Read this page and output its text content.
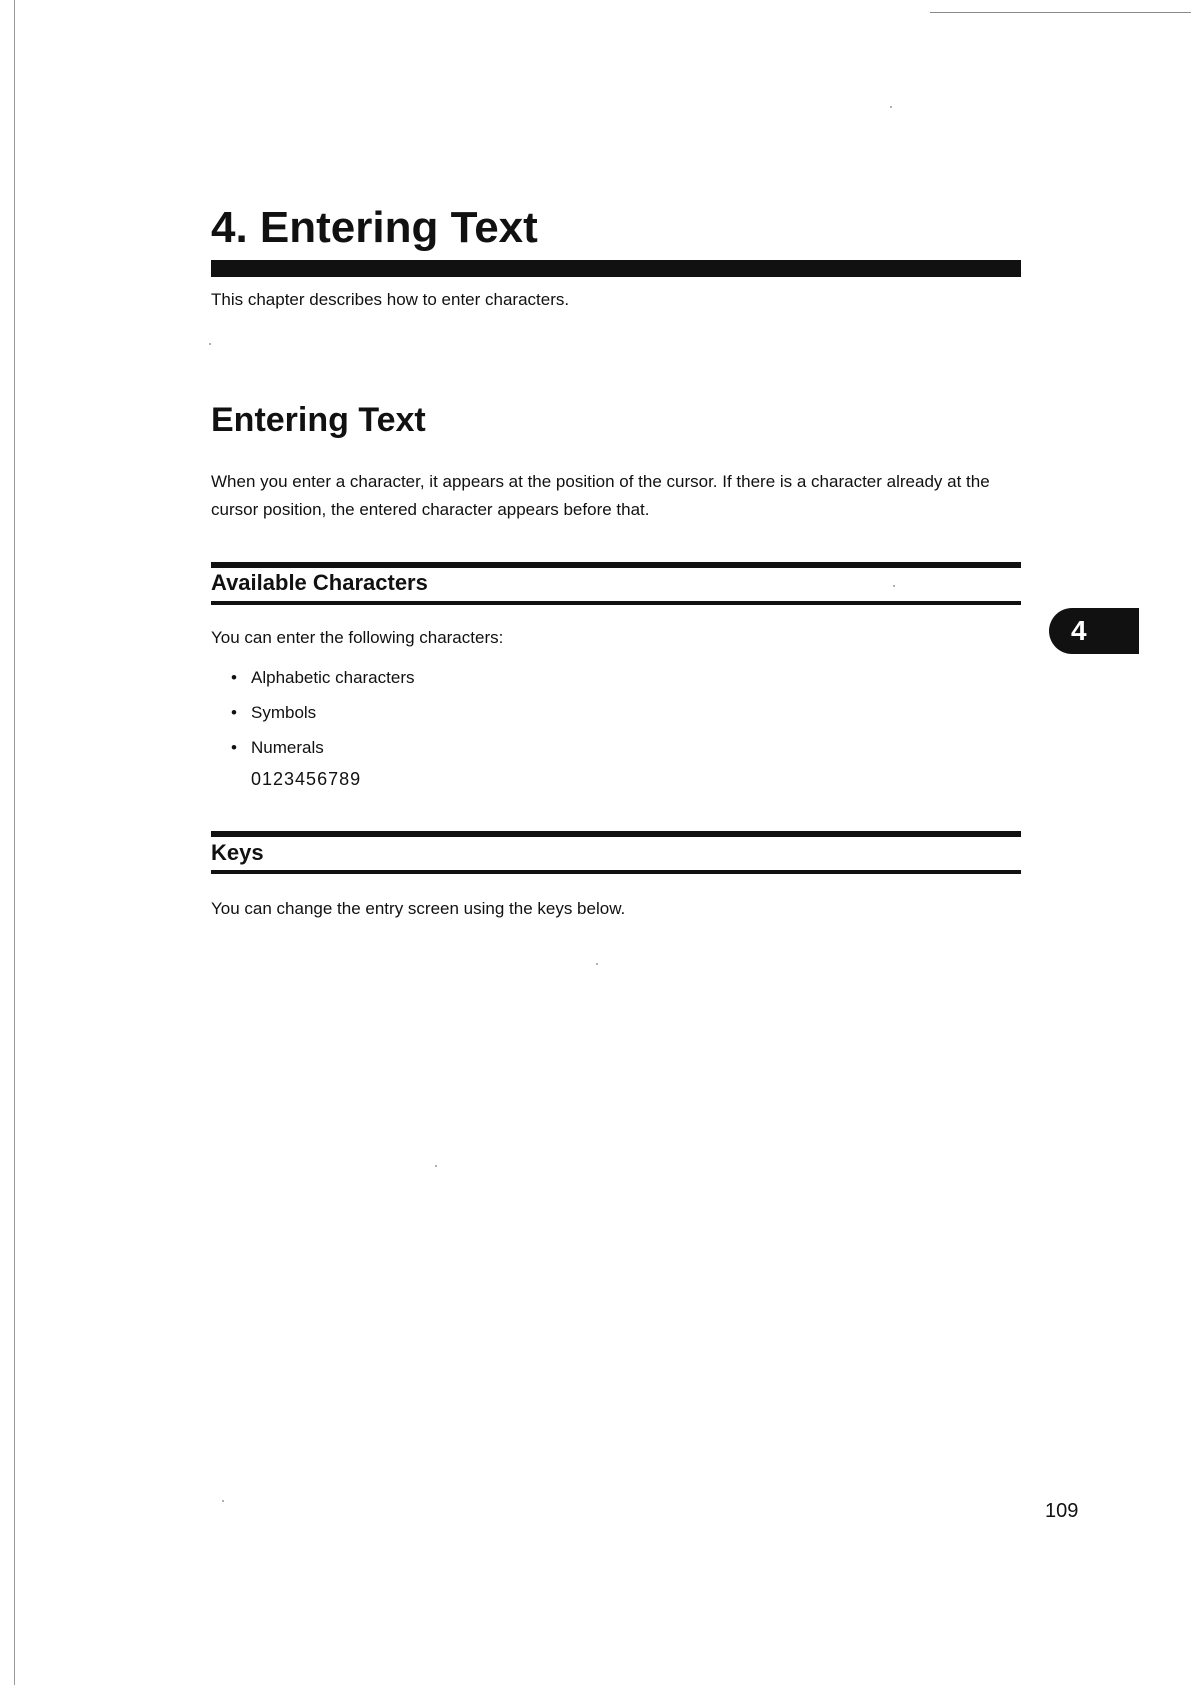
4. Entering Text

This chapter describes how to enter characters.

Entering Text

When you enter a character, it appears at the position of the cursor. If there is a character already at the cursor position, the entered character appears before that.

Available Characters

You can enter the following characters:

• Alphabetic characters
• Symbols
• Numerals

0123456789

Keys

You can change the entry screen using the keys below.

4

109
